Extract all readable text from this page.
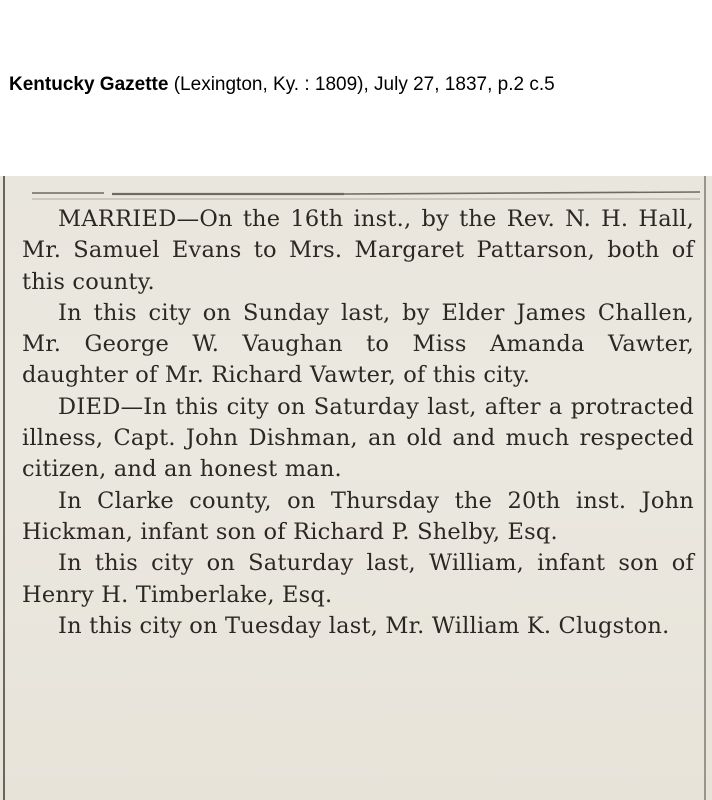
Kentucky Gazette (Lexington, Ky. : 1809), July 27, 1837, p.2 c.5

MARRIED—On the 16th inst., by the Rev. N. H. Hall, Mr. Samuel Evans to Mrs. Margaret Pattarson, both of this county.

In this city on Sunday last, by Elder James Challen, Mr. George W. Vaughan to Miss Amanda Vawter, daughter of Mr. Richard Vawter, of this city.

DIED—In this city on Saturday last, after a protracted illness, Capt. John Dishman, an old and much respected citizen, and an honest man.

In Clarke county, on Thursday the 20th inst. John Hickman, infant son of Richard P. Shelby, Esq.

In this city on Saturday last, William, infant son of Henry H. Timberlake, Esq.

In this city on Tuesday last, Mr. William K. Clugston.
